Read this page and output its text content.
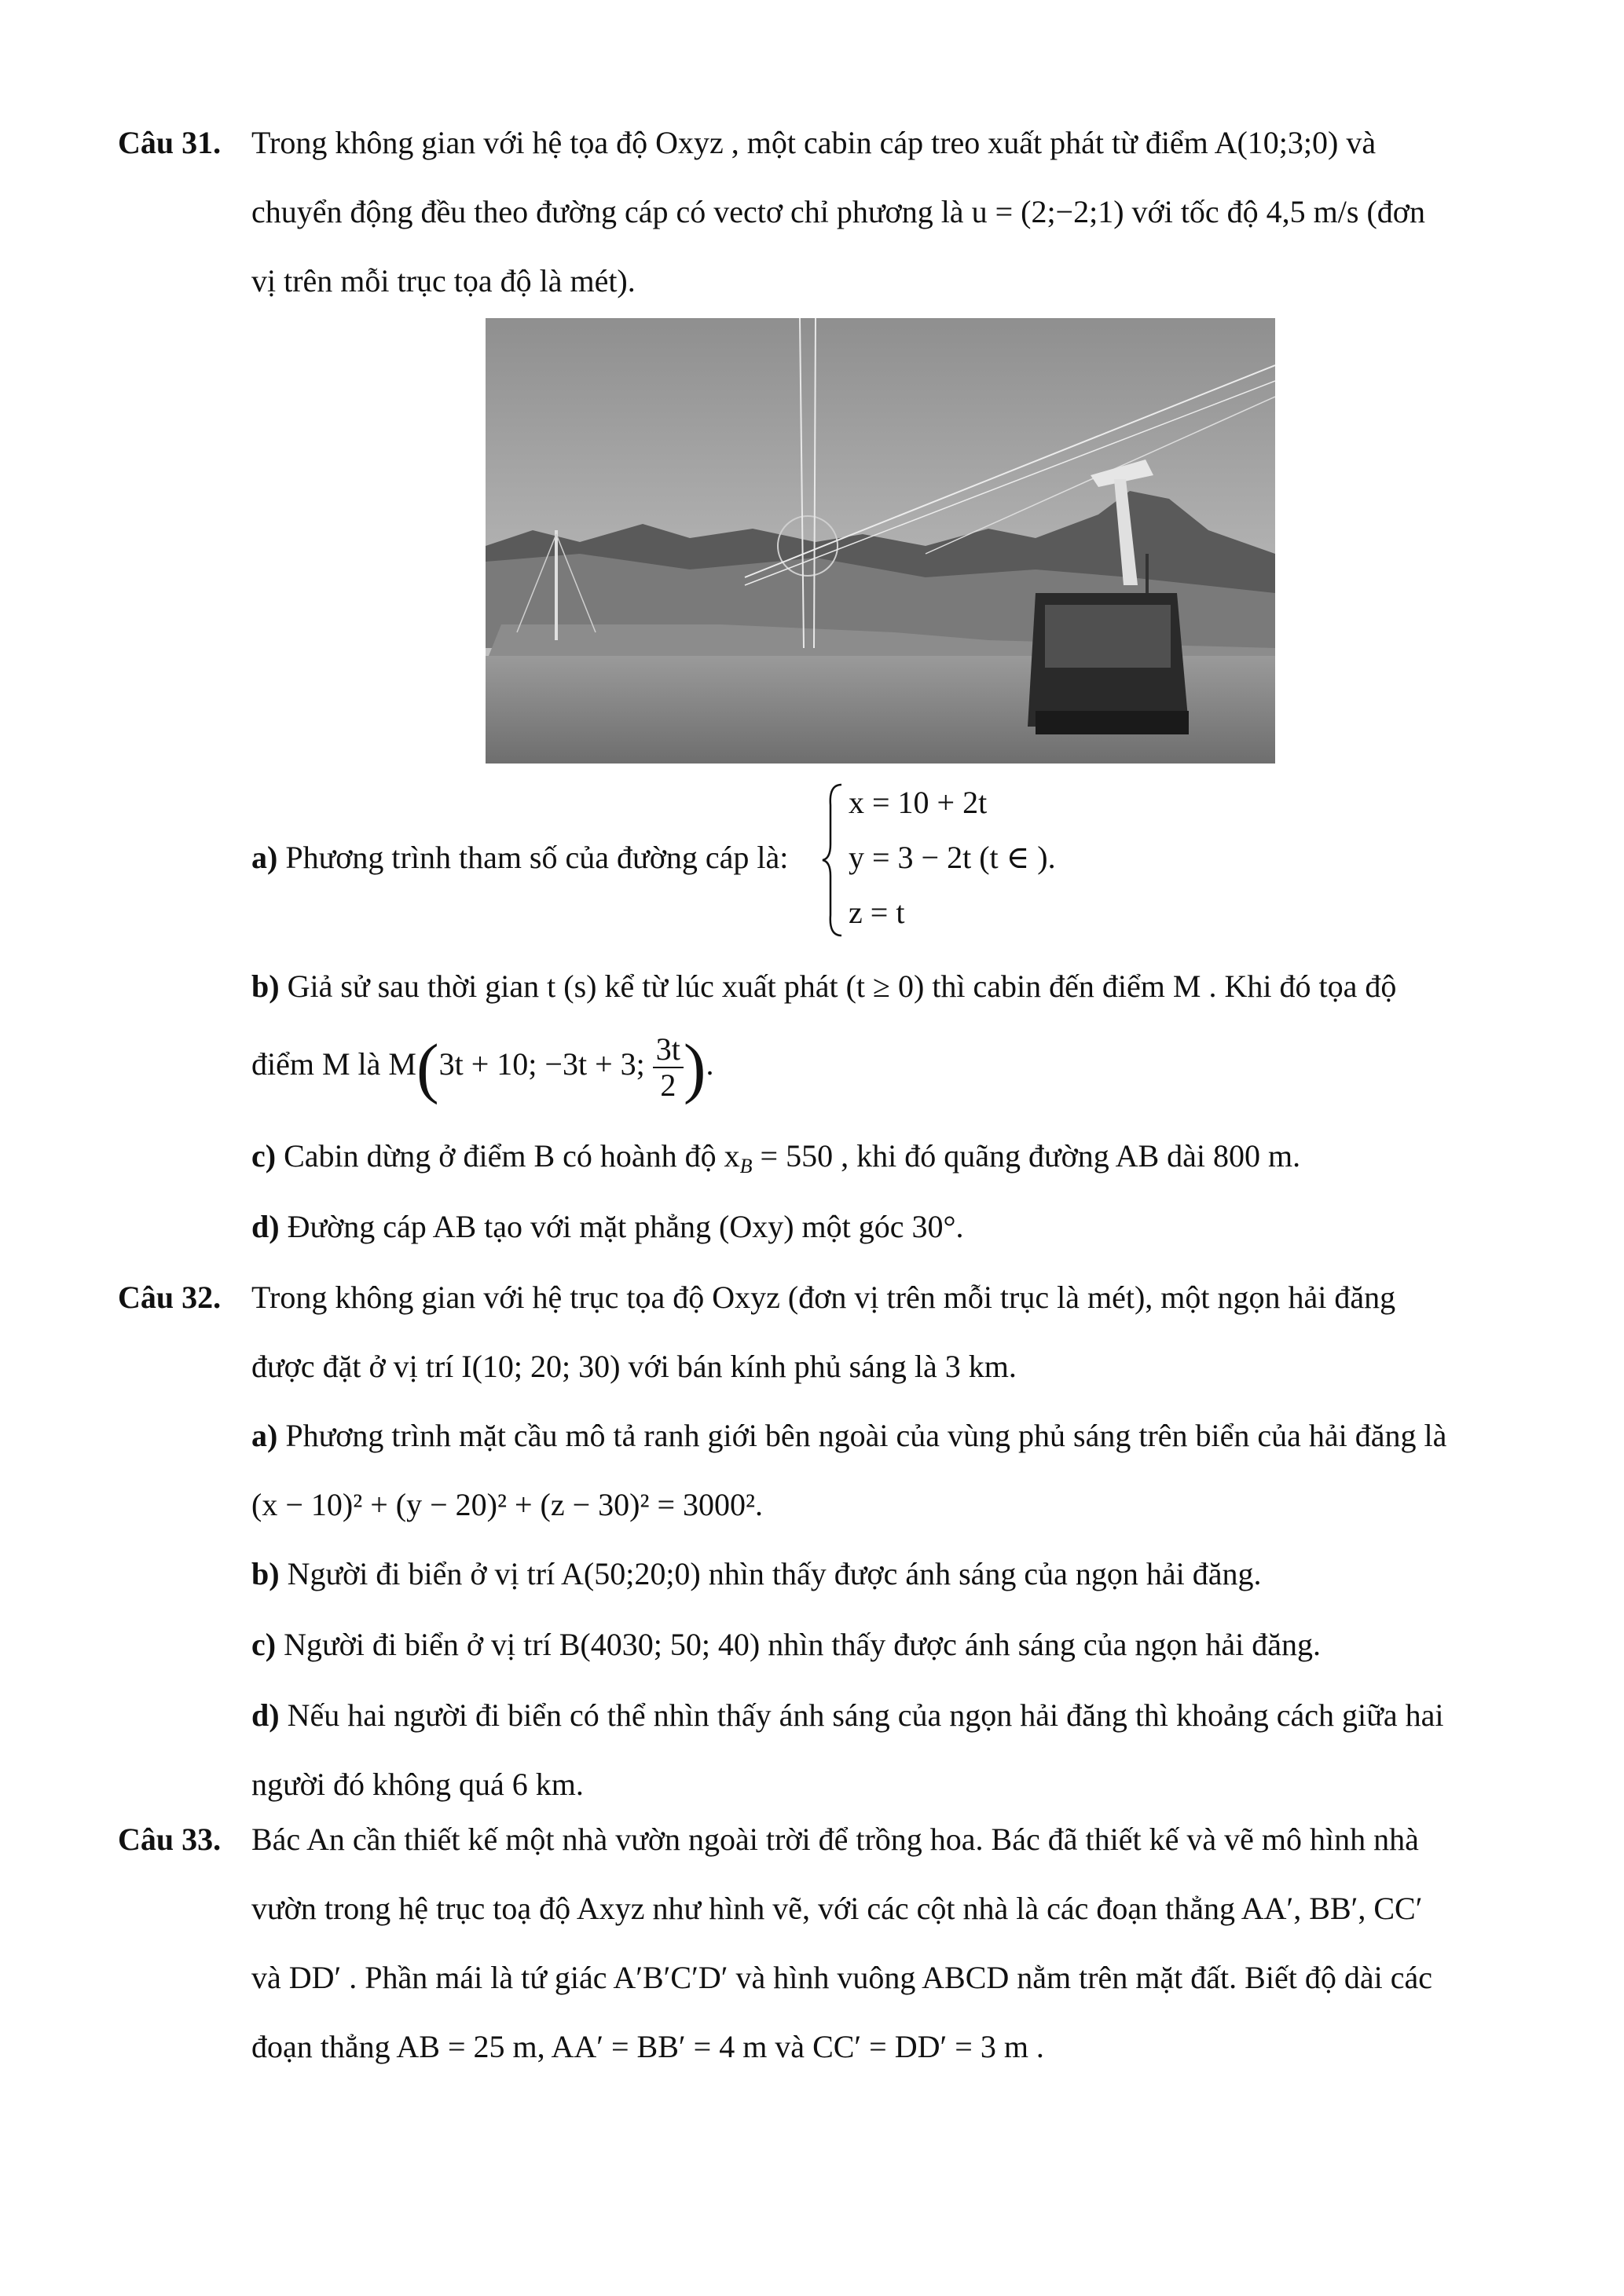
Câu 31. Trong không gian với hệ tọa độ Oxyz , một cabin cáp treo xuất phát từ điểm A(10;3;0) và
chuyển động đều theo đường cáp có vectơ chỉ phương là u = (2;−2;1) với tốc độ 4,5 m/s (đơn
vị trên mỗi trục tọa độ là mét).
a) Phương trình tham số của đường cáp là:
x = 10 + 2t
y = 3 − 2t (t ∈ ).
z = t
b) Giả sử sau thời gian t (s) kể từ lúc xuất phát (t ≥ 0) thì cabin đến điểm M . Khi đó tọa độ
điểm M là M(3t + 10; −3t + 3; $\frac{3t}{2}$ ).
c) Cabin dừng ở điểm B có hoành độ $x_B = 550$ , khi đó quãng đường AB dài 800 m.
d) Đường cáp AB tạo với mặt phẳng (Oxy) một góc 30°.
Câu 32. Trong không gian với hệ trục tọa độ Oxyz (đơn vị trên mỗi trục là mét), một ngọn hải đăng
được đặt ở vị trí I(10; 20; 30) với bán kính phủ sáng là 3 km.
a) Phương trình mặt cầu mô tả ranh giới bên ngoài của vùng phủ sáng trên biển của hải đăng là
(x − 10)² + (y − 20)² + (z − 30)² = 3000².
b) Người đi biển ở vị trí A(50;20;0) nhìn thấy được ánh sáng của ngọn hải đăng.
c) Người đi biển ở vị trí B(4030; 50; 40) nhìn thấy được ánh sáng của ngọn hải đăng.
d) Nếu hai người đi biển có thể nhìn thấy ánh sáng của ngọn hải đăng thì khoảng cách giữa hai
người đó không quá 6 km.
Câu 33. Bác An cần thiết kế một nhà vườn ngoài trời để trồng hoa. Bác đã thiết kế và vẽ mô hình nhà
vườn trong hệ trục toạ độ Axyz như hình vẽ, với các cột nhà là các đoạn thẳng AA′, BB′, CC′
và DD′ . Phần mái là tứ giác A′B′C′D′ và hình vuông ABCD nằm trên mặt đất. Biết độ dài các
đoạn thẳng AB = 25 m, AA′ = BB′ = 4 m và CC′ = DD′ = 3 m .
